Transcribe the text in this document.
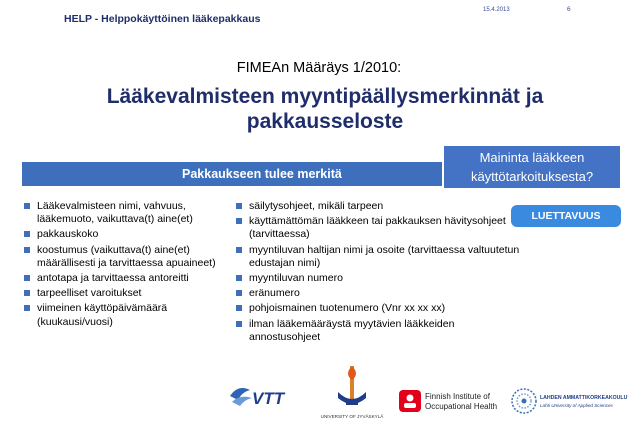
HELP - Helppokäyttöinen lääkepakkaus
15.4.2013	6
FIMEAn Määräys 1/2010:
Lääkevalmisteen myyntipäällysmerkinnät ja pakkausseloste
Pakkaukseen tulee merkitä
Maininta lääkkeen käyttötarkoituksesta?
LUETTAVUUS
Lääkevalmisteen nimi, vahvuus, lääkemuoto, vaikuttava(t) aine(et)
pakkauskoko
koostumus (vaikuttava(t) aine(et) määrällisesti ja tarvittaessa apuaineet)
antotapa ja tarvittaessa antoreitti
tarpeelliset varoitukset
viimeinen käyttöpäivämäärä (kuukausi/vuosi)
säilytysohjeet, mikäli tarpeen
käyttämättömän lääkkeen tai pakkauksen hävitysohjeet (tarvittaessa)
myyntiluvan haltijan nimi ja osoite (tarvittaessa valtuutetun edustajan nimi)
myyntiluvan numero
eränumero
pohjoismainen tuotenumero (Vnr xx xx xx)
ilman lääkemääräystä myytävien lääkkeiden annostusohjeet
VTT
UNIVERSITY OF JYVÄSKYLÄ
Finnish Institute of
Occupational Health
LAHDEN AMMATTIKORKEAKOULU
Lahti University of Applied Sciences
